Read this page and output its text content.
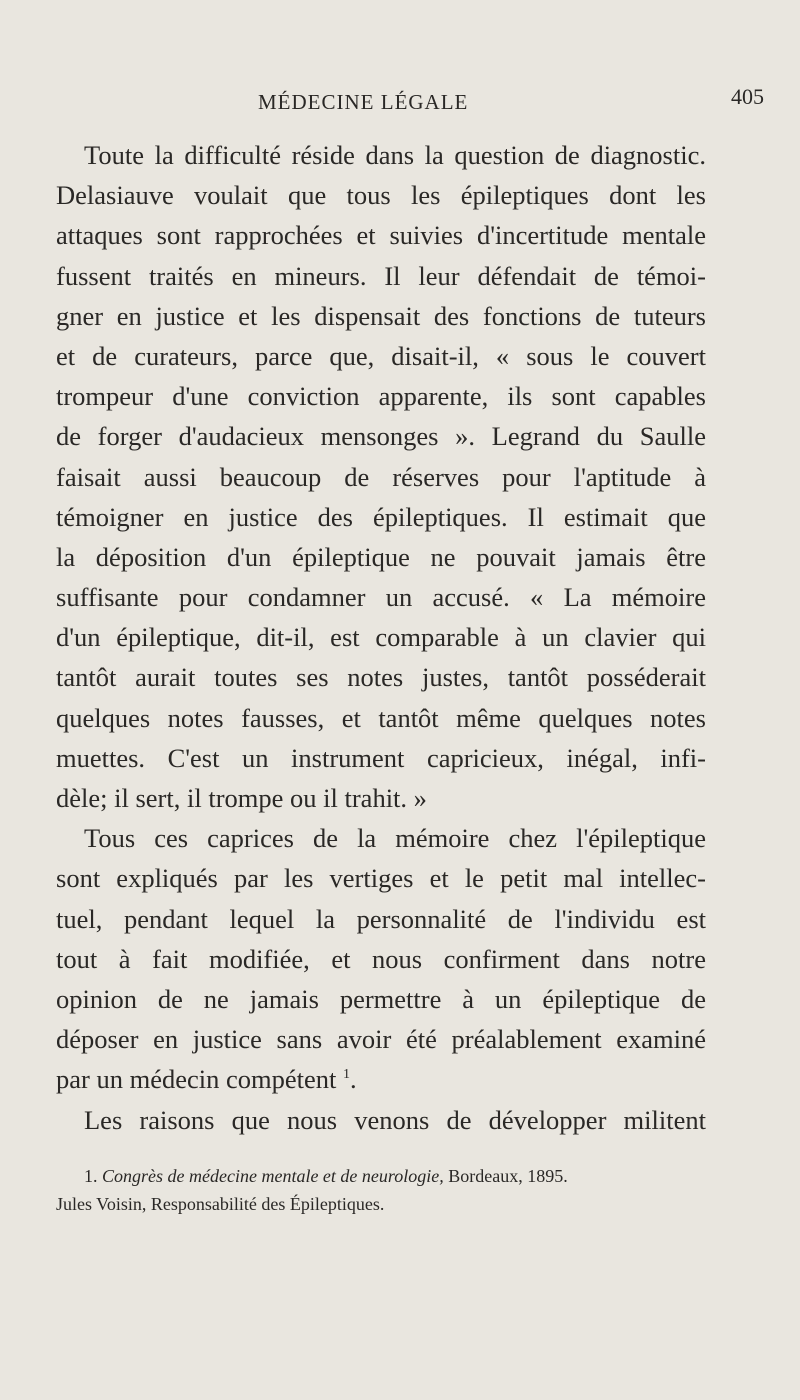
MÉDECINE LÉGALE	405
Toute la difficulté réside dans la question de diagnostic.
Delasiauve voulait que tous les épileptiques dont les
attaques sont rapprochées et suivies d'incertitude mentale
fussent traités en mineurs. Il leur défendait de témoi-
gner en justice et les dispensait des fonctions de tuteurs
et de curateurs, parce que, disait-il, « sous le couvert
trompeur d'une conviction apparente, ils sont capables
de forger d'audacieux mensonges ». Legrand du Saulle
faisait aussi beaucoup de réserves pour l'aptitude à
témoigner en justice des épileptiques. Il estimait que
la déposition d'un épileptique ne pouvait jamais être
suffisante pour condamner un accusé. « La mémoire
d'un épileptique, dit-il, est comparable à un clavier qui
tantôt aurait toutes ses notes justes, tantôt posséderait
quelques notes fausses, et tantôt même quelques notes
muettes. C'est un instrument capricieux, inégal, infi-
dèle; il sert, il trompe ou il trahit. »
Tous ces caprices de la mémoire chez l'épileptique
sont expliqués par les vertiges et le petit mal intellec-
tuel, pendant lequel la personnalité de l'individu est
tout à fait modifiée, et nous confirment dans notre
opinion de ne jamais permettre à un épileptique de
déposer en justice sans avoir été préalablement examiné
par un médecin compétent $^1$.
Les raisons que nous venons de développer militent
1. Congrès de médecine mentale et de neurologie, Bordeaux, 1895.
Jules Voisin, Responsabilité des Épileptiques.
